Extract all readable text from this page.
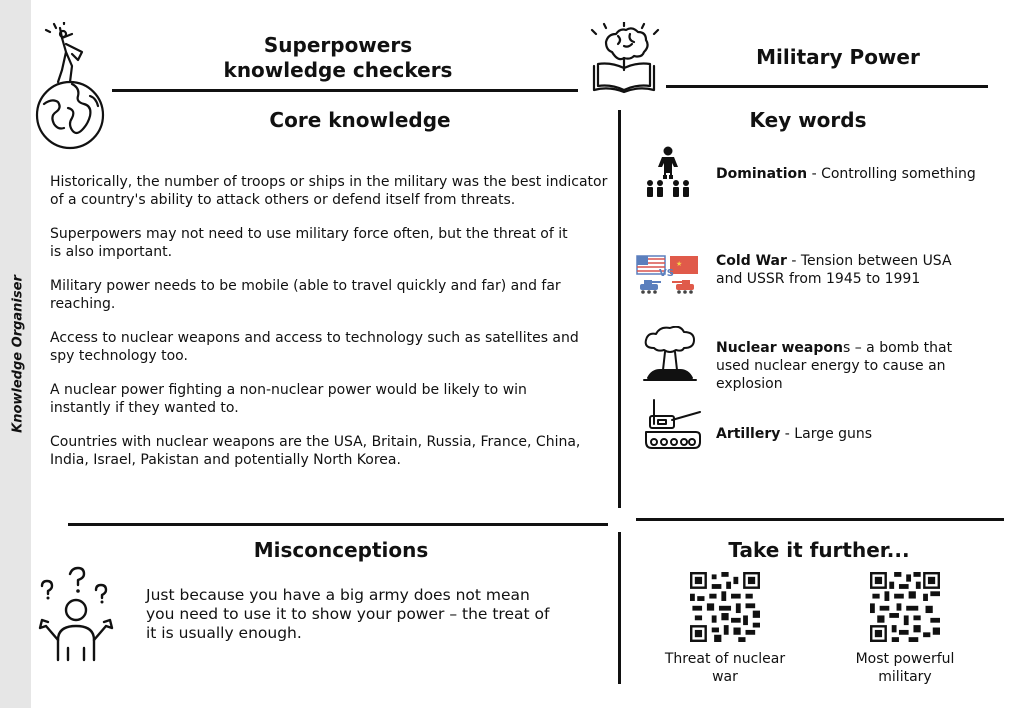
Knowledge Organiser
Superpowers
knowledge checkers
Military Power
Core knowledge

Historically, the number of troops or ships in the military was the best indicator of a country's ability to attack others or defend itself from threats.

Superpowers may not need to use military force often, but the threat of it is also important.

Military power needs to be mobile (able to travel quickly and far) and far reaching.

Access to nuclear weapons and access to technology such as satellites and spy technology too.

A nuclear power fighting a non-nuclear power would be likely to win instantly if they wanted to.

Countries with nuclear weapons are the USA, Britain, Russia, France, China, India, Israel, Pakistan and potentially North Korea.

Key words
Domination - Controlling something
★
VS
Cold War - Tension between USA and USSR from 1945 to 1991
Nuclear weapons – a bomb that used nuclear energy to cause an explosion
Artillery - Large guns
Misconceptions
Just because you have a big army does not mean you need to use it to show your power – the treat of it is usually enough.
Take it further...
Threat of nuclear war
Most powerful military
